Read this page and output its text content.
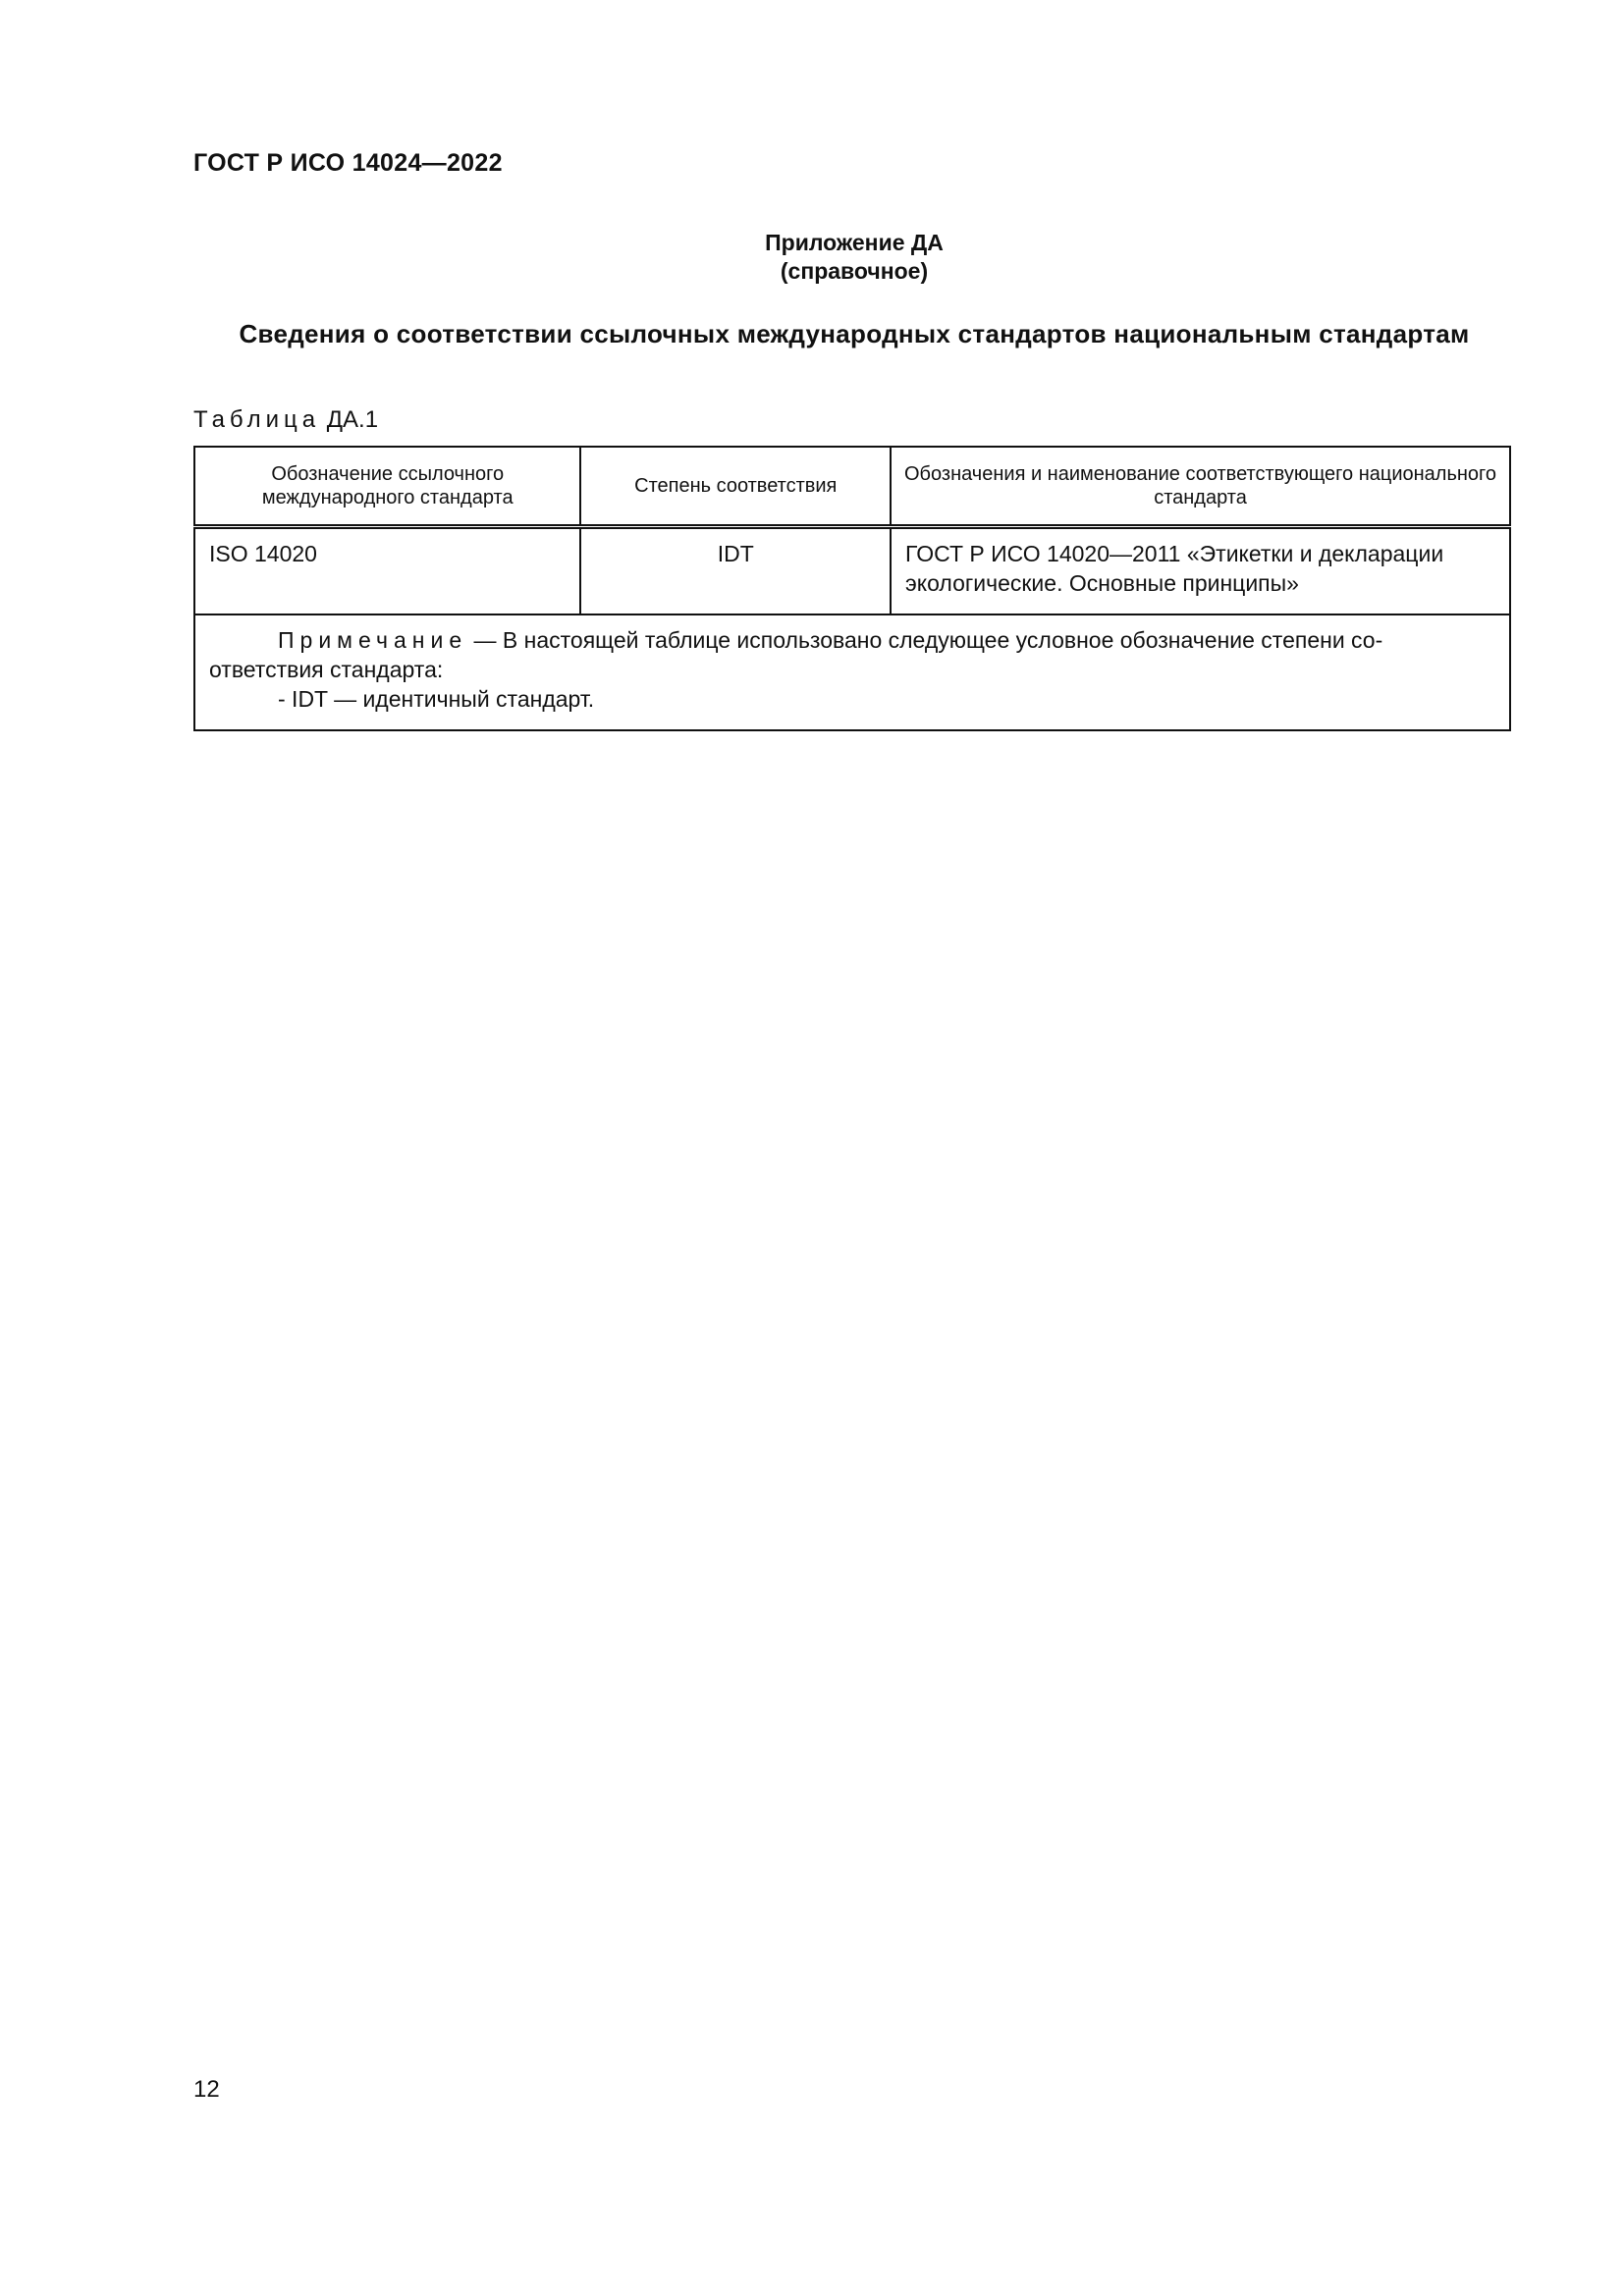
ГОСТ Р ИСО 14024—2022
Приложение ДА
(справочное)
Сведения о соответствии ссылочных международных стандартов национальным стандартам
Таблица ДА.1
Обозначение ссылочного международного стандарта	Степень соответствия	Обозначения и наименование соответствующего национального стандарта
ISO 14020	IDT	ГОСТ Р ИСО 14020—2011 «Этикетки и декларации экологические. Основные принципы»

Примечание — В настоящей таблице использовано следующее условное обозначение степени со-ответствия стандарта:
- IDT — идентичный стандарт.		
12
